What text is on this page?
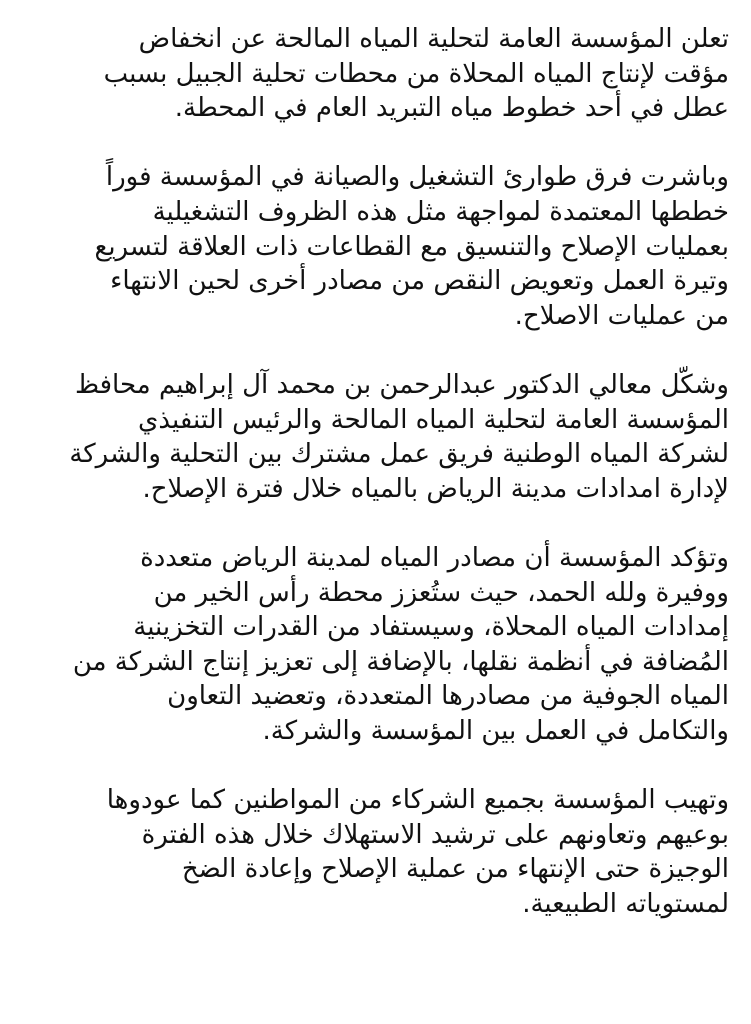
تعلن المؤسسة العامة لتحلية المياه المالحة عن انخفاض
مؤقت لإنتاج المياه المحلاة من محطات تحلية الجبيل بسبب
عطل في أحد خطوط مياه التبريد العام في المحطة.

وباشرت فرق طوارئ التشغيل والصيانة في المؤسسة فوراً
خططها المعتمدة لمواجهة مثل هذه الظروف التشغيلية
بعمليات الإصلاح والتنسيق مع القطاعات ذات العلاقة لتسريع
وتيرة العمل وتعويض النقص من مصادر أخرى لحين الانتهاء
من عمليات الاصلاح.

وشكّل معالي الدكتور عبدالرحمن بن محمد آل إبراهيم محافظ
المؤسسة العامة لتحلية المياه المالحة والرئيس التنفيذي
لشركة المياه الوطنية فريق عمل مشترك بين التحلية والشركة
لإدارة امدادات مدينة الرياض بالمياه خلال فترة الإصلاح.

وتؤكد المؤسسة أن مصادر المياه لمدينة الرياض متعددة
ووفيرة ولله الحمد، حيث ستُعزز محطة رأس الخير من
إمدادات المياه المحلاة، وسيستفاد من القدرات التخزينية
المُضافة في أنظمة نقلها، بالإضافة إلى تعزيز إنتاج الشركة من
المياه الجوفية من مصادرها المتعددة، وتعضيد التعاون
والتكامل في العمل بين المؤسسة والشركة.

وتهيب المؤسسة بجميع الشركاء من المواطنين كما عودوها
بوعيهم وتعاونهم على ترشيد الاستهلاك خلال هذه الفترة
الوجيزة حتى الإنتهاء من عملية الإصلاح وإعادة الضخ
لمستوياته الطبيعية.
